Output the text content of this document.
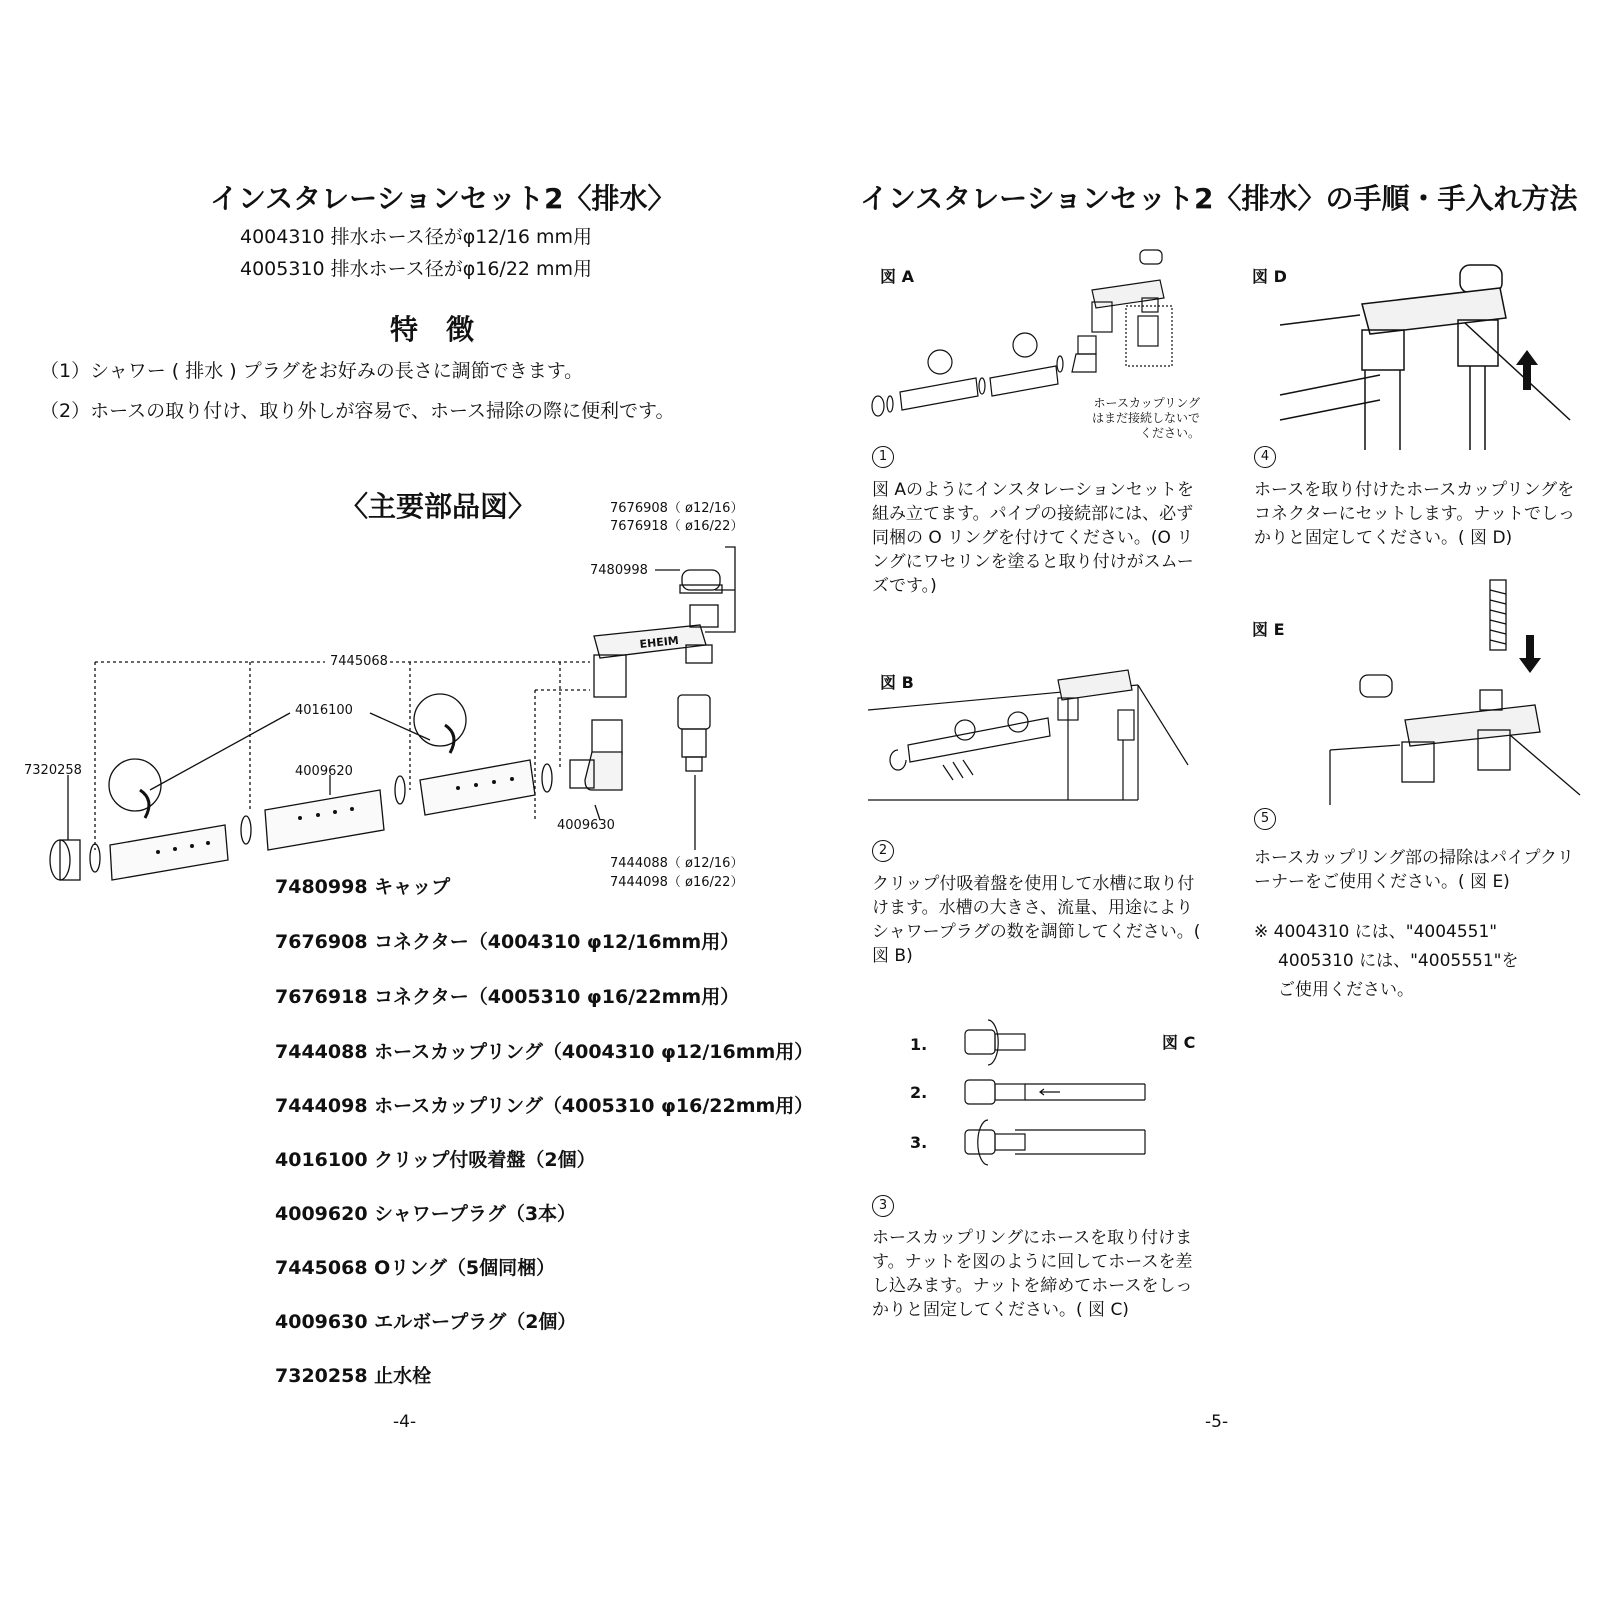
インスタレーションセット2〈排水〉
4004310 排水ホース径がφ12/16 mm用
4005310 排水ホース径がφ16/22 mm用
特　徴
（1）シャワー ( 排水 ) プラグをお好みの長さに調節できます。
（2）ホースの取り付け、取り外しが容易で、ホース掃除の際に便利です。
〈主要部品図〉	7676908（ ø12/16）
7676918（ ø16/22）
7480998
7445068
4016100
7320258	4009620
4009630
7444088（ ø12/16）
7444098（ ø16/22）
EHEIM
7480998 キャップ
7676908 コネクター（4004310 φ12/16mm用）
7676918 コネクター（4005310 φ16/22mm用）
7444088 ホースカップリング（4004310 φ12/16mm用）
7444098 ホースカップリング（4005310 φ16/22mm用）
4016100 クリップ付吸着盤（2個）
4009620 シャワープラグ（3本）
7445068 Oリング（5個同梱）
4009630 エルボープラグ（2個）
7320258 止水栓
-4-
インスタレーションセット2〈排水〉の手順・手入れ方法
図 A
ホースカップリング
はまだ接続しないで
ください。
1
図 Aのようにインスタレーションセットを組み立てます。パイプの接続部には、必ず同梱の O リングを付けてください。(O リングにワセリンを塗ると取り付けがスムーズです。)
図 B
2
クリップ付吸着盤を使用して水槽に取り付けます。水槽の大きさ、流量、用途によりシャワープラグの数を調節してください。( 図 B)
1.
2.
3.
図 C
3
ホースカップリングにホースを取り付けます。ナットを図のように回してホースを差し込みます。ナットを締めてホースをしっかりと固定してください。( 図 C)
図 D
4
ホースを取り付けたホースカップリングをコネクターにセットします。ナットでしっかりと固定してください。( 図 D)
図 E
5
ホースカップリング部の掃除はパイプクリーナーをご使用ください。( 図 E)
※ 4004310 には、"4004551"
4005310 には、"4005551"を
ご使用ください。
-5-
